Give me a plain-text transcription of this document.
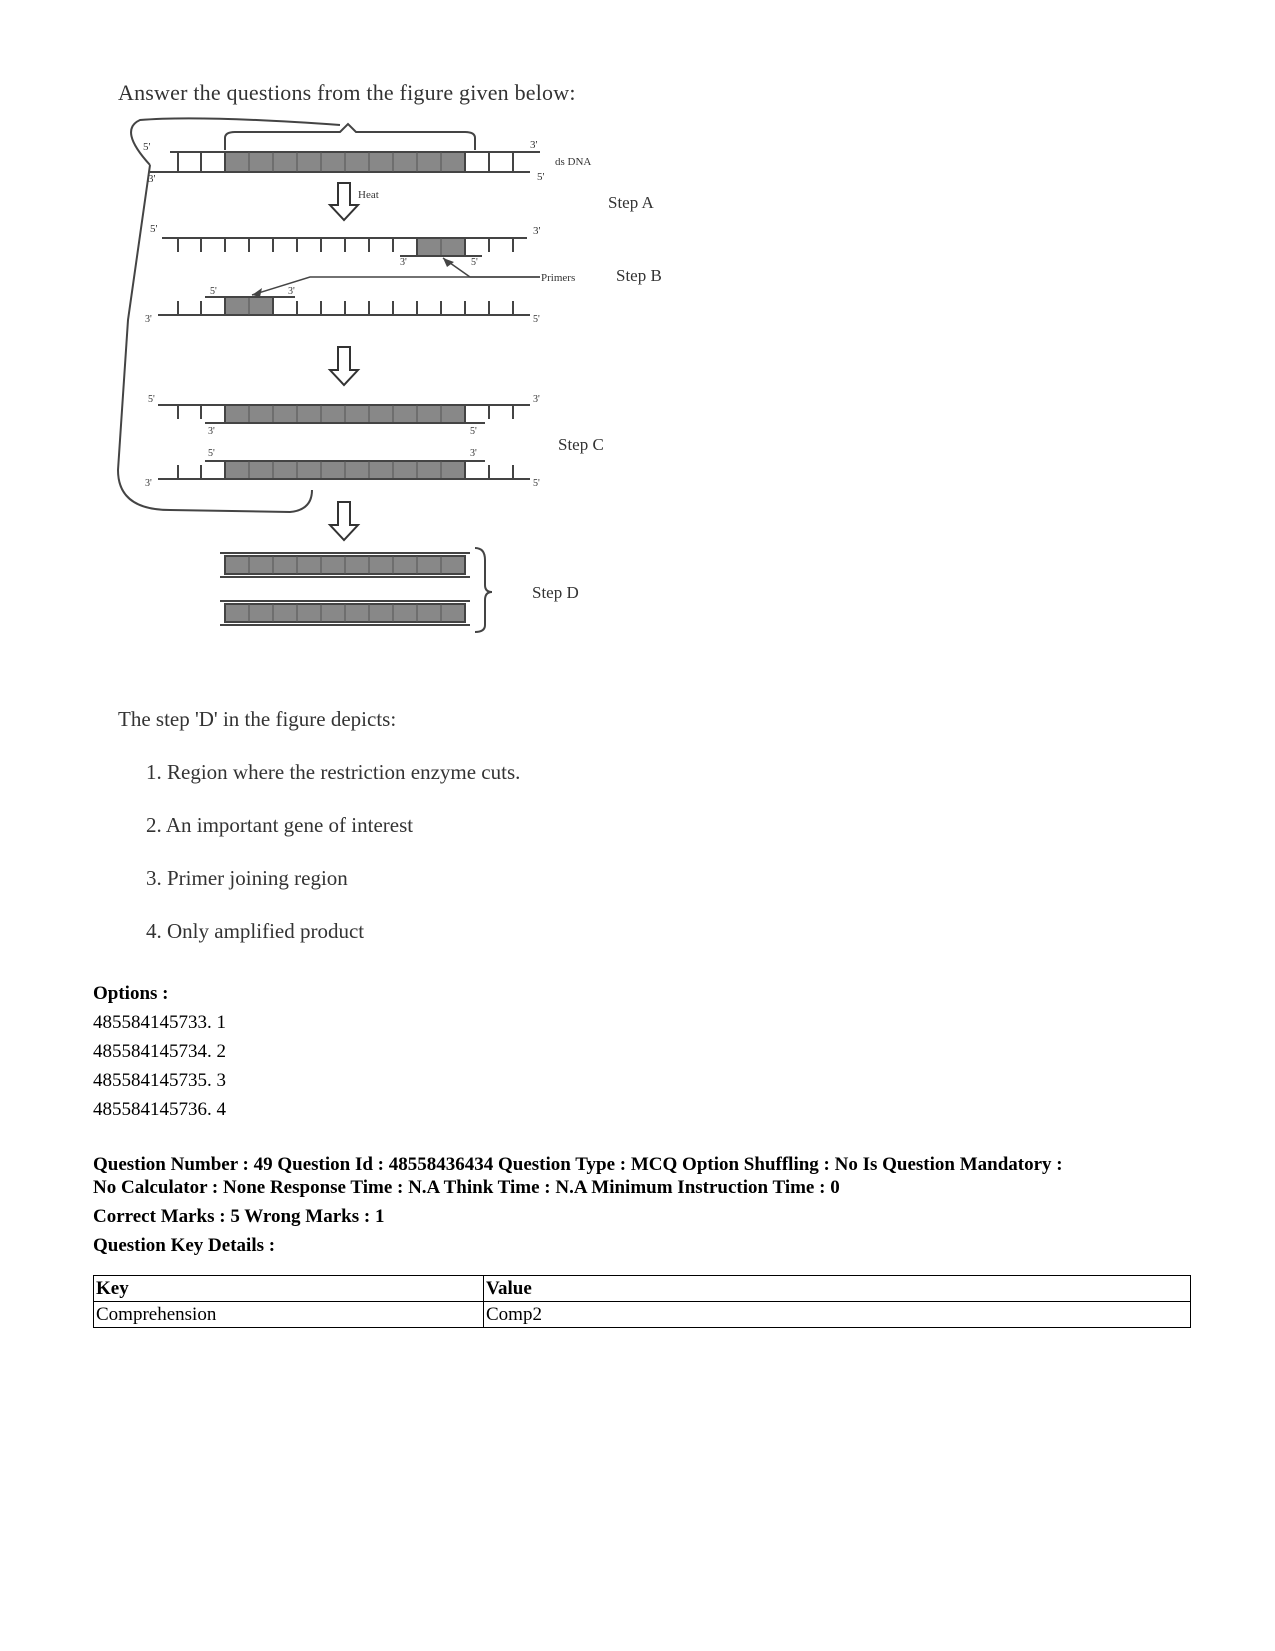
Answer the questions from the figure given below:
5'
3'
3'
5'
ds DNA
Step A
Heat
5'	3'
3'	5'
Primers Step B
5'	3'
3'	5'
5'	3'
3'	5'
5'	3'
3'	5'
Step C
Step D
The step 'D' in the figure depicts:
1. Region where the restriction enzyme cuts.
2. An important gene of interest
3. Primer joining region
4. Only amplified product
Options :
485584145733. 1
485584145734. 2
485584145735. 3
485584145736. 4
Question Number : 49 Question Id : 48558436434 Question Type : MCQ Option Shuffling : No Is Question Mandatory :
No Calculator : None Response Time : N.A Think Time : N.A Minimum Instruction Time : 0
Correct Marks : 5 Wrong Marks : 1
Question Key Details :
Key	Value
Comprehension	Comp2
